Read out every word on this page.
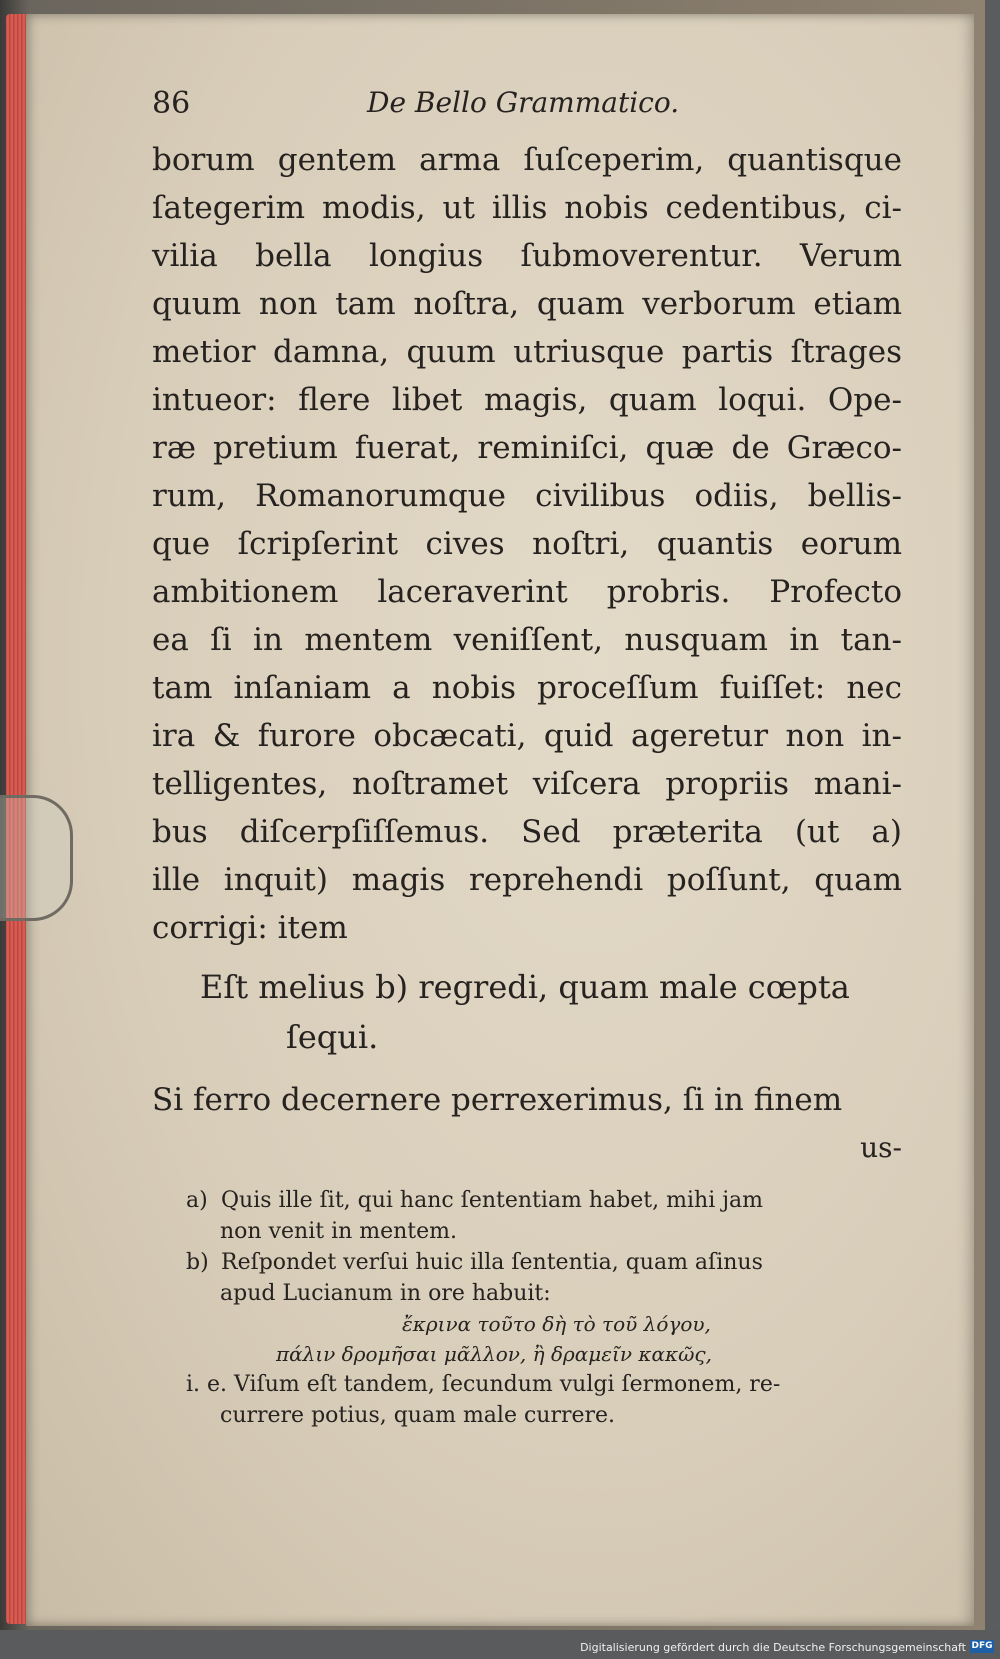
86	De Bello Grammatico.
borum gentem arma ſuſceperim, quantisque
ſategerim modis, ut illis nobis cedentibus, ci-
vilia bella longius ſubmoverentur. Verum
quum non tam noſtra, quam verborum etiam
metior damna, quum utriusque partis ſtrages
intueor: flere libet magis, quam loqui. Ope-
ræ pretium fuerat, reminiſci, quæ de Græco-
rum, Romanorumque civilibus odiis, bellis-
que ſcripſerint cives noſtri, quantis eorum
ambitionem laceraverint probris. Profecto
ea ſi in mentem veniſſent, nusquam in tan-
tam inſaniam a nobis proceſſum fuiſſet: nec
ira & furore obcæcati, quid ageretur non in-
telligentes, noſtramet viſcera propriis mani-
bus diſcerpſiſſemus. Sed præterita (ut a)
ille inquit) magis reprehendi poſſunt, quam
corrigi: item
Eſt melius b) regredi, quam male cœpta
ſequi.
Si ferro decernere perrexerimus, ſi in finem
us-
a) Quis ille ſit, qui hanc ſententiam habet, mihi jam
non venit in mentem.
b) Reſpondet verſui huic illa ſententia, quam aſinus
apud Lucianum in ore habuit:
ἔκρινα τοῦτο δὴ τὸ τοῦ λόγου,
πάλιν δρομῆσαι μᾶλλον, ἢ δραμεῖν κακῶς,
i. e. Viſum eſt tandem, ſecundum vulgi ſermonem, re-
currere potius, quam male currere.
Digitalisierung gefördert durch die Deutsche Forschungsgemeinschaft DFG
